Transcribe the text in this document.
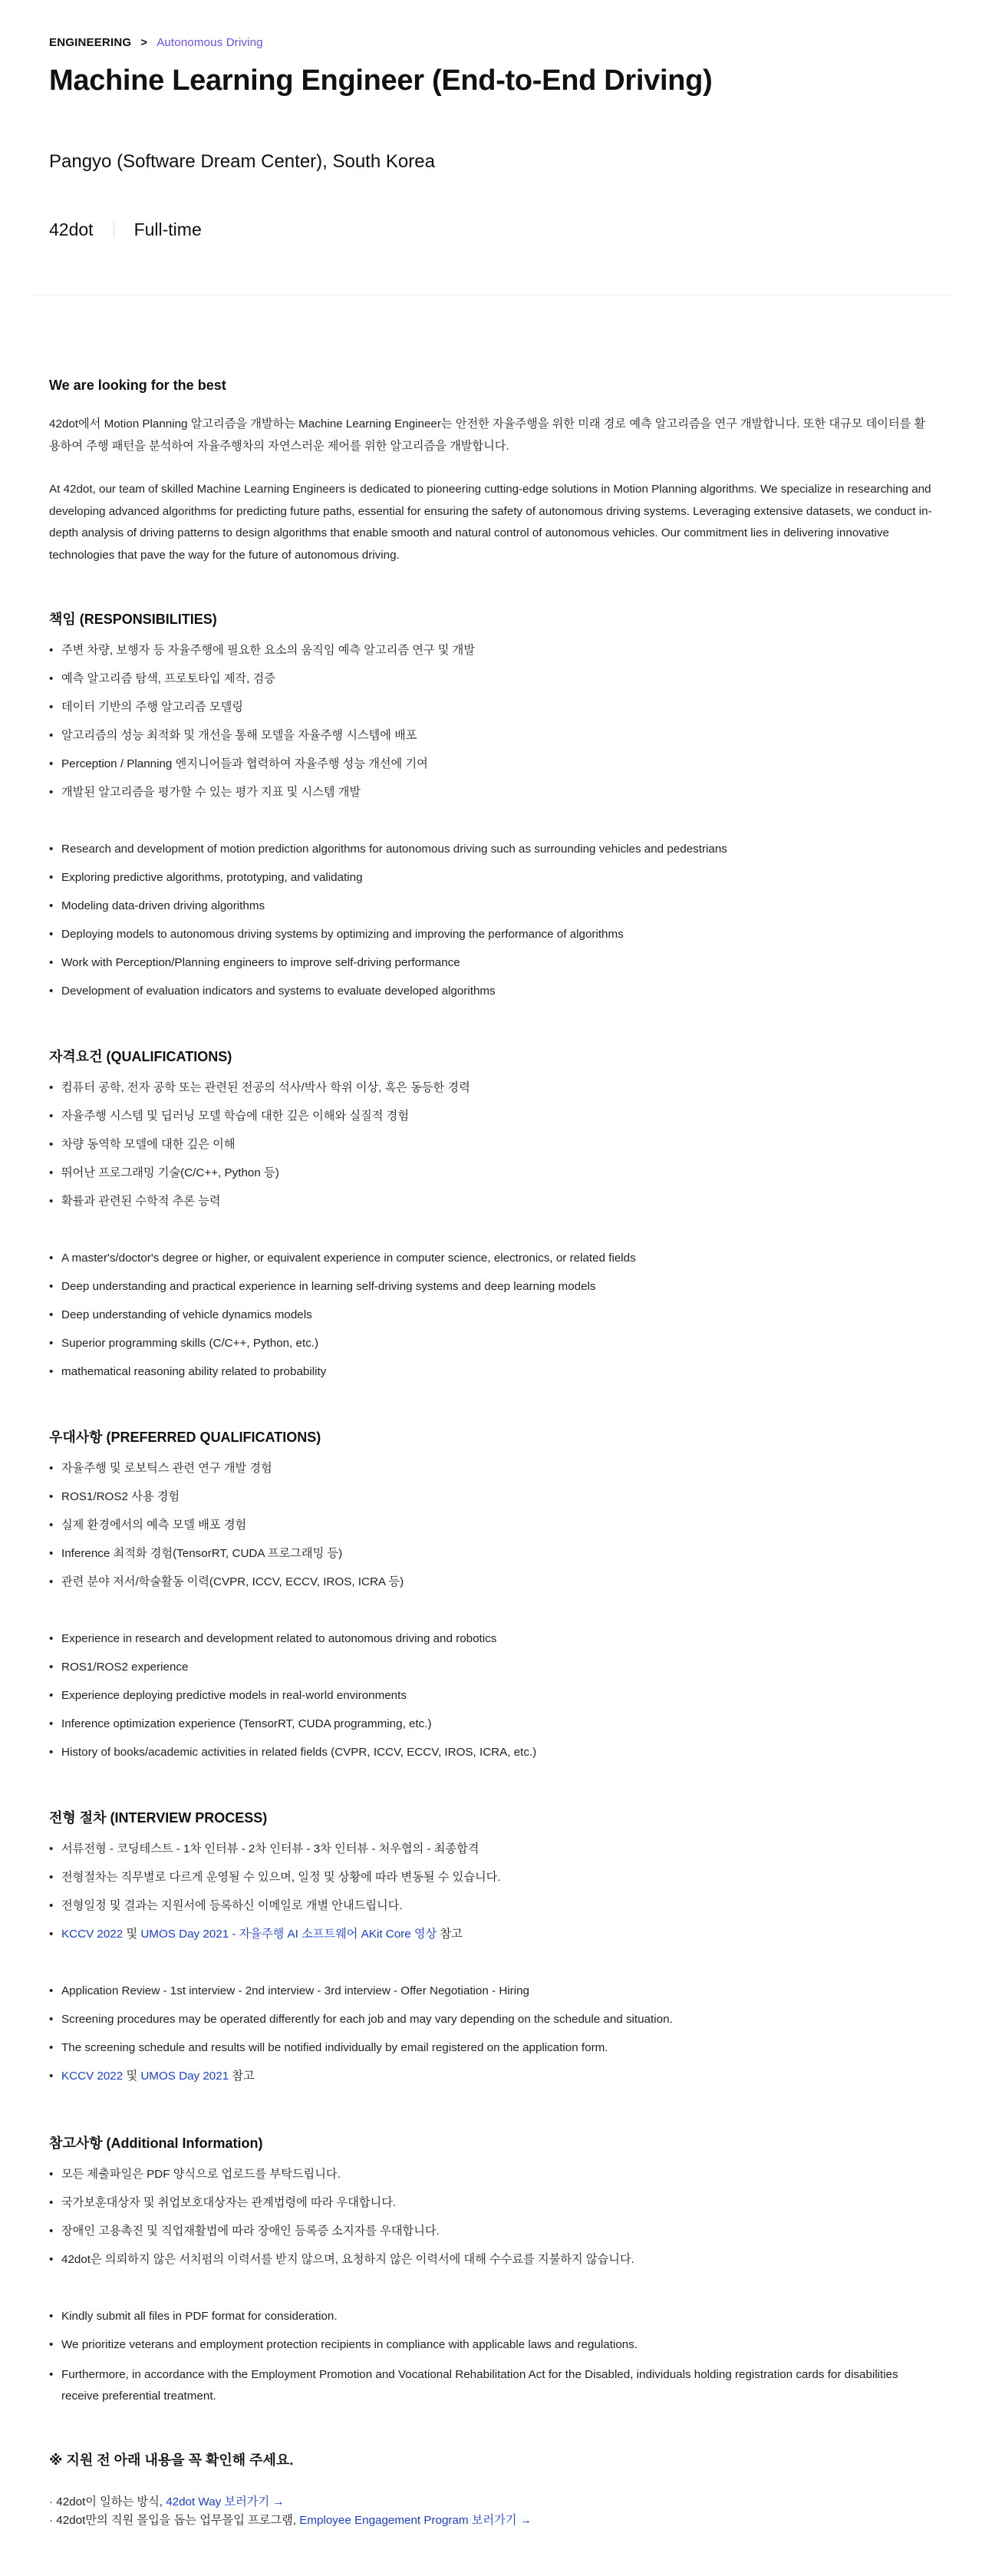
ENGINEERING > Autonomous Driving
Machine Learning Engineer (End-to-End Driving)
Pangyo (Software Dream Center), South Korea
42dot Full-time
We are looking for the best

42dot에서 Motion Planning 알고리즘을 개발하는 Machine Learning Engineer는 안전한 자율주행을 위한 미래 경로 예측 알고리즘을 연구 개발합니다. 또한 대규모 데이터를 활용하여 주행 패턴을 분석하여 자율주행차의 자연스러운 제어를 위한 알고리즘을 개발합니다.

At 42dot, our team of skilled Machine Learning Engineers is dedicated to pioneering cutting-edge solutions in Motion Planning algorithms. We specialize in researching and developing advanced algorithms for predicting future paths, essential for ensuring the safety of autonomous driving systems. Leveraging extensive datasets, we conduct in-depth analysis of driving patterns to design algorithms that enable smooth and natural control of autonomous vehicles. Our commitment lies in delivering innovative technologies that pave the way for the future of autonomous driving.

책임 (RESPONSIBILITIES)
• 주변 차량, 보행자 등 자율주행에 필요한 요소의 움직임 예측 알고리즘 연구 및 개발
• 예측 알고리즘 탐색, 프로토타입 제작, 검증
• 데이터 기반의 주행 알고리즘 모델링
• 알고리즘의 성능 최적화 및 개선을 통해 모델을 자율주행 시스템에 배포
• Perception / Planning 엔지니어들과 협력하여 자율주행 성능 개선에 기여
• 개발된 알고리즘을 평가할 수 있는 평가 지표 및 시스템 개발
• Research and development of motion prediction algorithms for autonomous driving such as surrounding vehicles and pedestrians
• Exploring predictive algorithms, prototyping, and validating
• Modeling data-driven driving algorithms
• Deploying models to autonomous driving systems by optimizing and improving the performance of algorithms
• Work with Perception/Planning engineers to improve self-driving performance
• Development of evaluation indicators and systems to evaluate developed algorithms
자격요건 (QUALIFICATIONS)
• 컴퓨터 공학, 전자 공학 또는 관련된 전공의 석사/박사 학위 이상, 혹은 동등한 경력
• 자율주행 시스템 및 딥러닝 모델 학습에 대한 깊은 이해와 실질적 경험
• 차량 동역학 모델에 대한 깊은 이해
• 뛰어난 프로그래밍 기술(C/C++, Python 등)
• 확률과 관련된 수학적 추론 능력
• A master's/doctor's degree or higher, or equivalent experience in computer science, electronics, or related fields
• Deep understanding and practical experience in learning self-driving systems and deep learning models
• Deep understanding of vehicle dynamics models
• Superior programming skills (C/C++, Python, etc.)
• mathematical reasoning ability related to probability
우대사항 (PREFERRED QUALIFICATIONS)
• 자율주행 및 로보틱스 관련 연구 개발 경험
• ROS1/ROS2 사용 경험
• 실제 환경에서의 예측 모델 배포 경험
• Inference 최적화 경험(TensorRT, CUDA 프로그래밍 등)
• 관련 분야 저서/학술활동 이력(CVPR, ICCV, ECCV, IROS, ICRA 등)
• Experience in research and development related to autonomous driving and robotics
• ROS1/ROS2 experience
• Experience deploying predictive models in real-world environments
• Inference optimization experience (TensorRT, CUDA programming, etc.)
• History of books/academic activities in related fields (CVPR, ICCV, ECCV, IROS, ICRA, etc.)
전형 절차 (INTERVIEW PROCESS)
• 서류전형 - 코딩테스트 - 1차 인터뷰 - 2차 인터뷰 - 3차 인터뷰 - 처우협의 - 최종합격
• 전형절차는 직무별로 다르게 운영될 수 있으며, 일정 및 상황에 따라 변동될 수 있습니다.
• 전형일정 및 결과는 지원서에 등록하신 이메일로 개별 안내드립니다.
• KCCV 2022 및 UMOS Day 2021 - 자율주행 AI 소프트웨어 AKit Core 영상 참고
• Application Review - 1st interview - 2nd interview - 3rd interview - Offer Negotiation - Hiring
• Screening procedures may be operated differently for each job and may vary depending on the schedule and situation.
• The screening schedule and results will be notified individually by email registered on the application form.
• KCCV 2022 및 UMOS Day 2021 참고
참고사항 (Additional Information)
• 모든 제출파일은 PDF 양식으로 업로드를 부탁드립니다.
• 국가보훈대상자 및 취업보호대상자는 관계법령에 따라 우대합니다.
• 장애인 고용촉진 및 직업재활법에 따라 장애인 등록증 소지자를 우대합니다.
• 42dot은 의뢰하지 않은 서치펌의 이력서를 받지 않으며, 요청하지 않은 이력서에 대해 수수료를 지불하지 않습니다.
• Kindly submit all files in PDF format for consideration.
• We prioritize veterans and employment protection recipients in compliance with applicable laws and regulations.
• Furthermore, in accordance with the Employment Promotion and Vocational Rehabilitation Act for the Disabled, individuals holding registration cards for disabilities receive preferential treatment.
※ 지원 전 아래 내용을 꼭 확인해 주세요.
· 42dot이 일하는 방식, 42dot Way 보러가기 →
· 42dot만의 직원 몰입을 돕는 업무몰입 프로그램, Employee Engagement Program 보러가기 →
